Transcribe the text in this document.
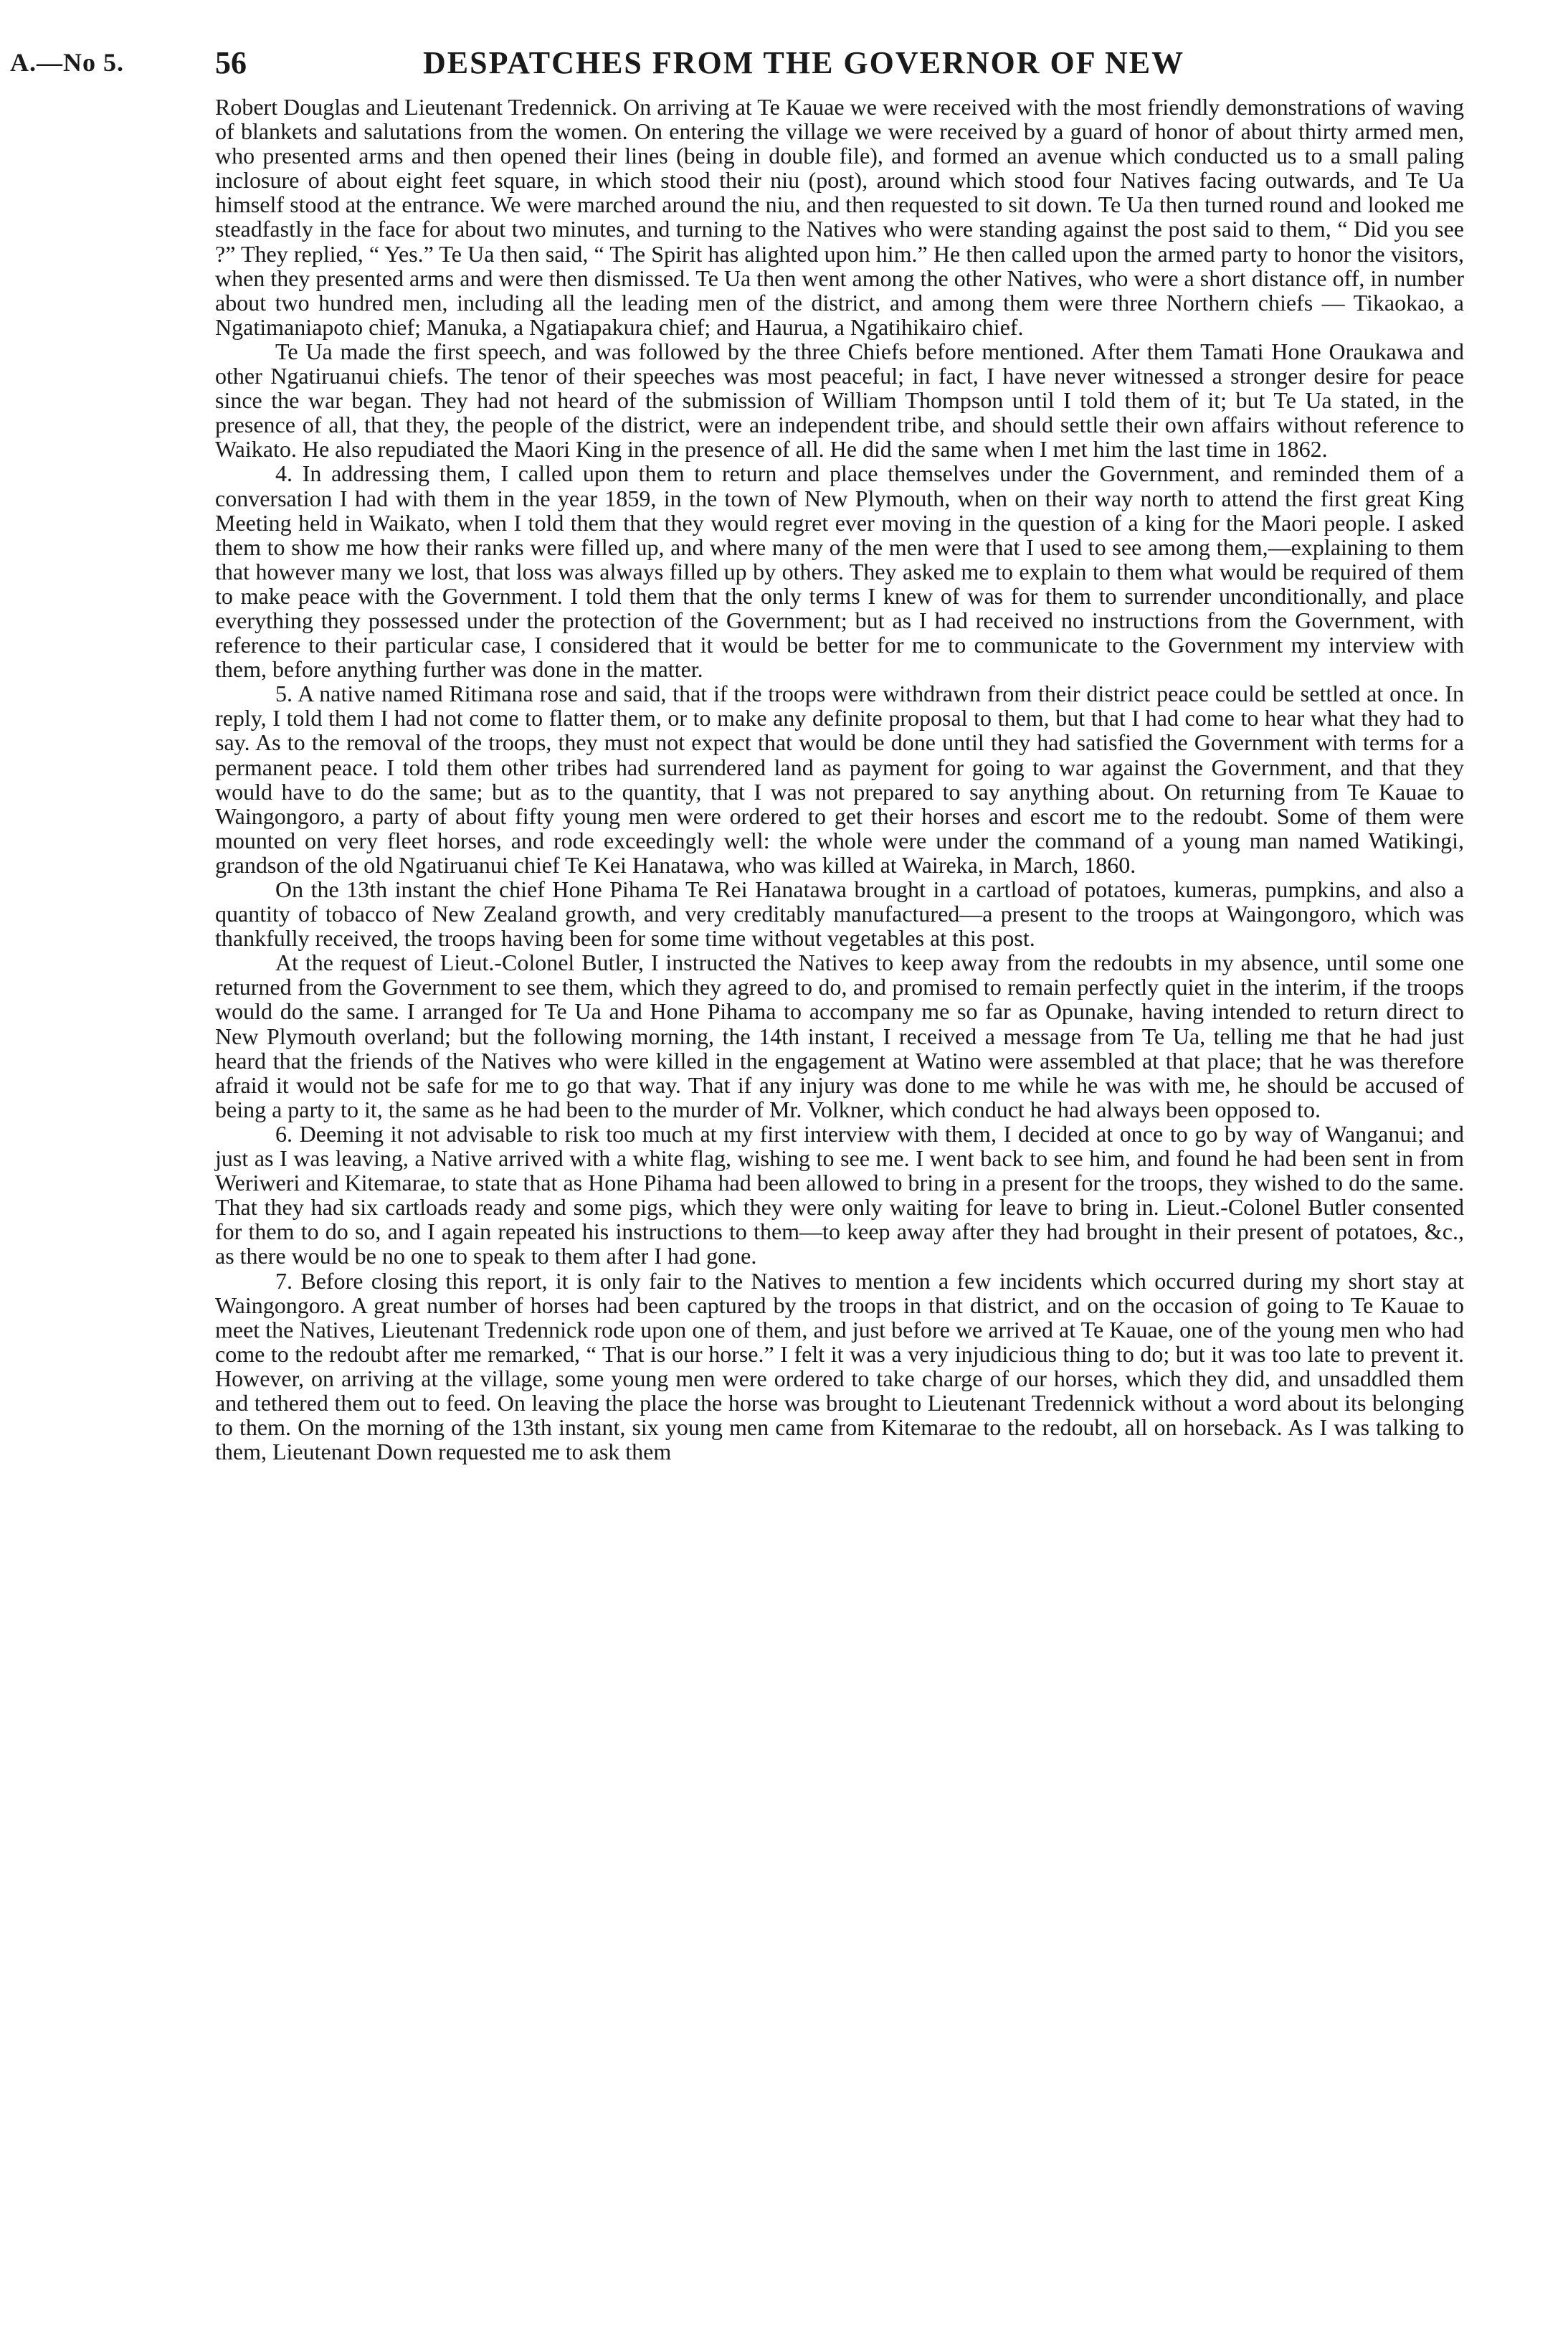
A.—No 5.	56	DESPATCHES FROM THE GOVERNOR OF NEW

Robert Douglas and Lieutenant Tredennick. On arriving at Te Kauae we were received with the most friendly demonstrations of waving of blankets and salutations from the women. On entering the village we were received by a guard of honor of about thirty armed men, who presented arms and then opened their lines (being in double file), and formed an avenue which conducted us to a small paling inclosure of about eight feet square, in which stood their niu (post), around which stood four Natives facing outwards, and Te Ua himself stood at the entrance. We were marched around the niu, and then requested to sit down. Te Ua then turned round and looked me steadfastly in the face for about two minutes, and turning to the Natives who were standing against the post said to them, “ Did you see ?” They replied, “ Yes.” Te Ua then said, “ The Spirit has alighted upon him.” He then called upon the armed party to honor the visitors, when they presented arms and were then dismissed. Te Ua then went among the other Natives, who were a short distance off, in number about two hundred men, including all the leading men of the district, and among them were three Northern chiefs — Tikaokao, a Ngatimaniapoto chief; Manuka, a Ngatiapakura chief; and Haurua, a Ngatihikairo chief.

Te Ua made the first speech, and was followed by the three Chiefs before mentioned. After them Tamati Hone Oraukawa and other Ngatiruanui chiefs. The tenor of their speeches was most peaceful; in fact, I have never witnessed a stronger desire for peace since the war began. They had not heard of the submission of William Thompson until I told them of it; but Te Ua stated, in the presence of all, that they, the people of the district, were an independent tribe, and should settle their own affairs without reference to Waikato. He also repudiated the Maori King in the presence of all. He did the same when I met him the last time in 1862.

4. In addressing them, I called upon them to return and place themselves under the Government, and reminded them of a conversation I had with them in the year 1859, in the town of New Plymouth, when on their way north to attend the first great King Meeting held in Waikato, when I told them that they would regret ever moving in the question of a king for the Maori people. I asked them to show me how their ranks were filled up, and where many of the men were that I used to see among them,—explaining to them that however many we lost, that loss was always filled up by others. They asked me to explain to them what would be required of them to make peace with the Government. I told them that the only terms I knew of was for them to surrender unconditionally, and place everything they possessed under the protection of the Government; but as I had received no instructions from the Government, with reference to their particular case, I considered that it would be better for me to communicate to the Government my interview with them, before anything further was done in the matter.

5. A native named Ritimana rose and said, that if the troops were withdrawn from their district peace could be settled at once. In reply, I told them I had not come to flatter them, or to make any definite proposal to them, but that I had come to hear what they had to say. As to the removal of the troops, they must not expect that would be done until they had satisfied the Government with terms for a permanent peace. I told them other tribes had surrendered land as payment for going to war against the Government, and that they would have to do the same; but as to the quantity, that I was not prepared to say anything about. On returning from Te Kauae to Waingongoro, a party of about fifty young men were ordered to get their horses and escort me to the redoubt. Some of them were mounted on very fleet horses, and rode exceedingly well: the whole were under the command of a young man named Watikingi, grandson of the old Ngatiruanui chief Te Kei Hanatawa, who was killed at Waireka, in March, 1860.

On the 13th instant the chief Hone Pihama Te Rei Hanatawa brought in a cartload of potatoes, kumeras, pumpkins, and also a quantity of tobacco of New Zealand growth, and very creditably manufactured—a present to the troops at Waingongoro, which was thankfully received, the troops having been for some time without vegetables at this post.

At the request of Lieut.-Colonel Butler, I instructed the Natives to keep away from the redoubts in my absence, until some one returned from the Government to see them, which they agreed to do, and promised to remain perfectly quiet in the interim, if the troops would do the same. I arranged for Te Ua and Hone Pihama to accompany me so far as Opunake, having intended to return direct to New Plymouth overland; but the following morning, the 14th instant, I received a message from Te Ua, telling me that he had just heard that the friends of the Natives who were killed in the engagement at Watino were assembled at that place; that he was therefore afraid it would not be safe for me to go that way. That if any injury was done to me while he was with me, he should be accused of being a party to it, the same as he had been to the murder of Mr. Volkner, which conduct he had always been opposed to.

6. Deeming it not advisable to risk too much at my first interview with them, I decided at once to go by way of Wanganui; and just as I was leaving, a Native arrived with a white flag, wishing to see me. I went back to see him, and found he had been sent in from Weriweri and Kitemarae, to state that as Hone Pihama had been allowed to bring in a present for the troops, they wished to do the same. That they had six cartloads ready and some pigs, which they were only waiting for leave to bring in. Lieut.-Colonel Butler consented for them to do so, and I again repeated his instructions to them—to keep away after they had brought in their present of potatoes, &c., as there would be no one to speak to them after I had gone.

7. Before closing this report, it is only fair to the Natives to mention a few incidents which occurred during my short stay at Waingongoro. A great number of horses had been captured by the troops in that district, and on the occasion of going to Te Kauae to meet the Natives, Lieutenant Tredennick rode upon one of them, and just before we arrived at Te Kauae, one of the young men who had come to the redoubt after me remarked, “ That is our horse.” I felt it was a very injudicious thing to do; but it was too late to prevent it. However, on arriving at the village, some young men were ordered to take charge of our horses, which they did, and unsaddled them and tethered them out to feed. On leaving the place the horse was brought to Lieutenant Tredennick without a word about its belonging to them. On the morning of the 13th instant, six young men came from Kitemarae to the redoubt, all on horseback. As I was talking to them, Lieutenant Down requested me to ask them
